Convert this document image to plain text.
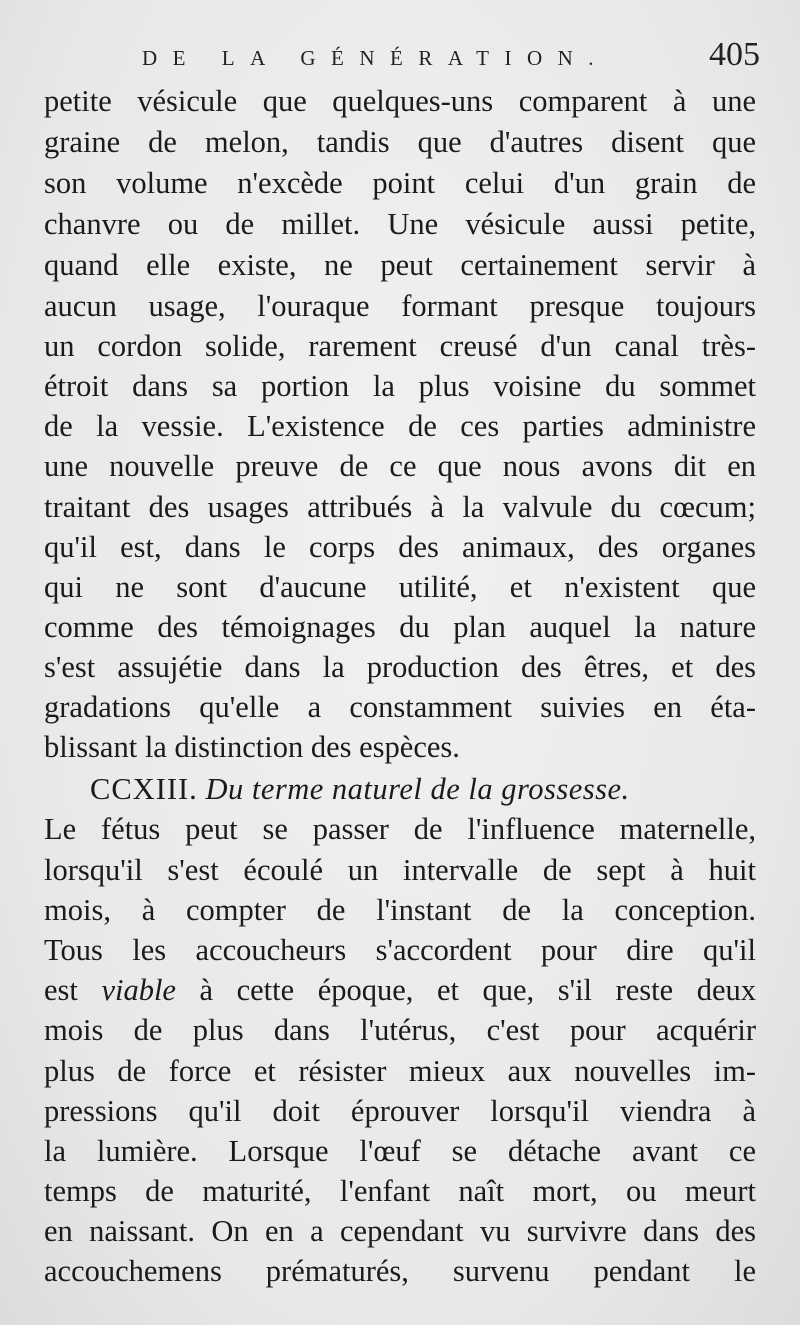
DE LA GÉNÉRATION.	405
petite vésicule que quelques-uns comparent à une
graine de melon, tandis que d'autres disent que
son volume n'excède point celui d'un grain de
chanvre ou de millet. Une vésicule aussi petite,
quand elle existe, ne peut certainement servir à
aucun usage, l'ouraque formant presque toujours
un cordon solide, rarement creusé d'un canal très-
étroit dans sa portion la plus voisine du sommet
de la vessie. L'existence de ces parties administre
une nouvelle preuve de ce que nous avons dit en
traitant des usages attribués à la valvule du cœcum;
qu'il est, dans le corps des animaux, des organes
qui ne sont d'aucune utilité, et n'existent que
comme des témoignages du plan auquel la nature
s'est assujétie dans la production des êtres, et des
gradations qu'elle a constamment suivies en éta-
blissant la distinction des espèces.
CCXIII. Du terme naturel de la grossesse.
Le fétus peut se passer de l'influence maternelle,
lorsqu'il s'est écoulé un intervalle de sept à huit
mois, à compter de l'instant de la conception.
Tous les accoucheurs s'accordent pour dire qu'il
est viable à cette époque, et que, s'il reste deux
mois de plus dans l'utérus, c'est pour acquérir
plus de force et résister mieux aux nouvelles im-
pressions qu'il doit éprouver lorsqu'il viendra à
la lumière. Lorsque l'œuf se détache avant ce
temps de maturité, l'enfant naît mort, ou meurt
en naissant. On en a cependant vu survivre dans des
accouchemens prématurés, survenu pendant le
